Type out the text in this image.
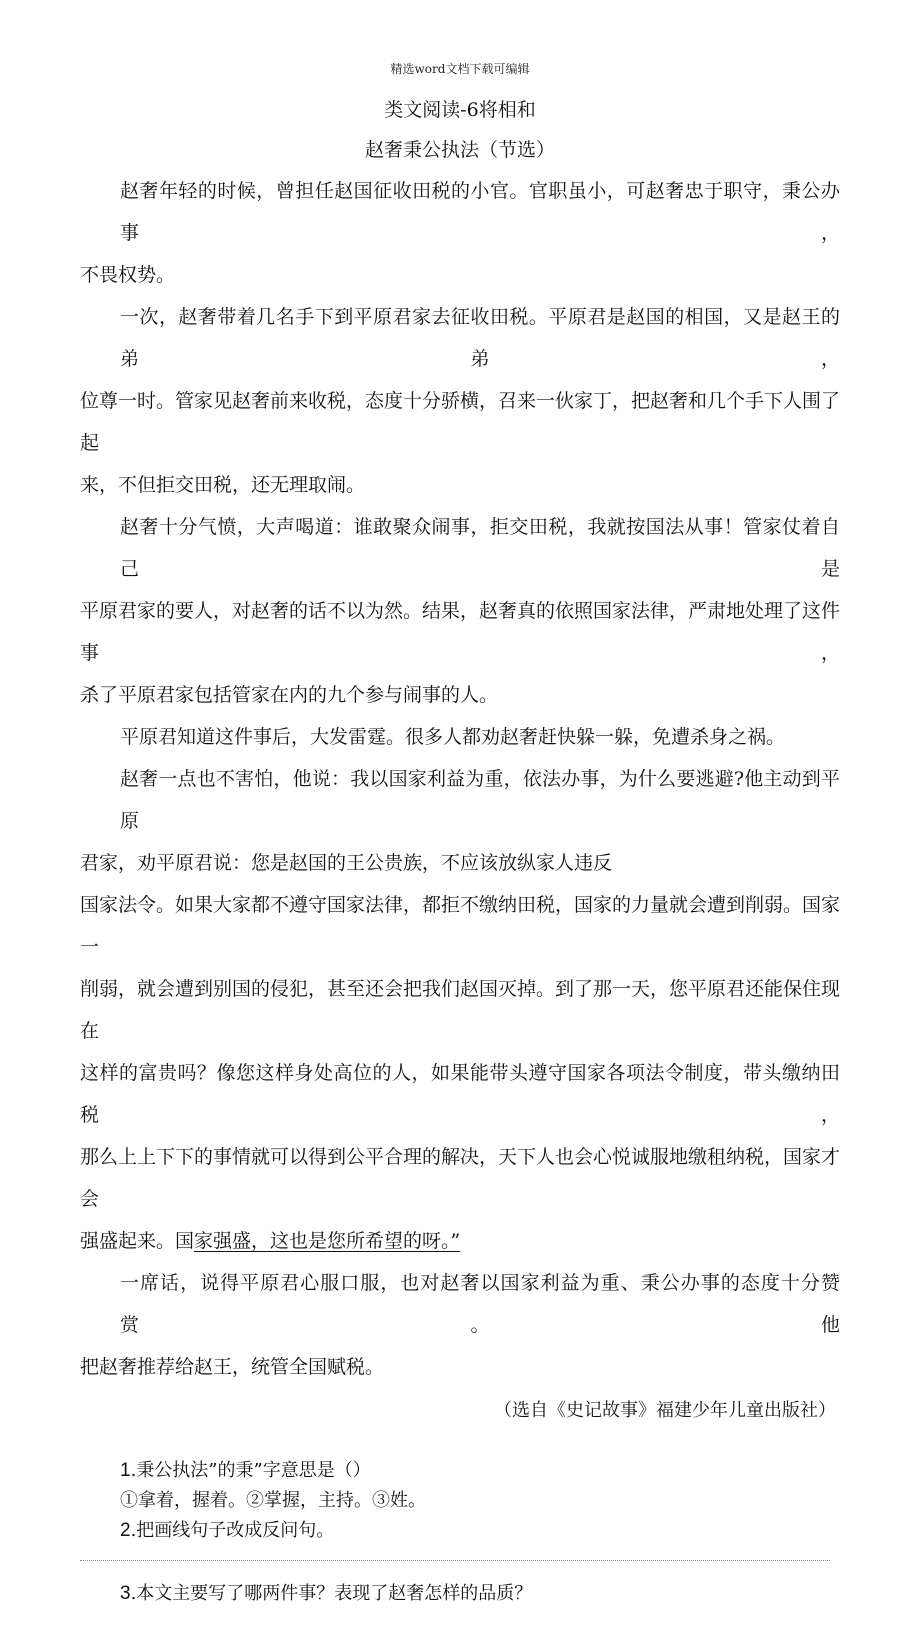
精选word文档下载可编辑
类文阅读-6将相和
赵奢秉公执法（节选）
赵奢年轻的时候，曾担任赵国征收田税的小官。官职虽小，可赵奢忠于职守，秉公办事，
不畏权势。
一次，赵奢带着几名手下到平原君家去征收田税。平原君是赵国的相国，又是赵王的弟弟，
位尊一时。管家见赵奢前来收税，态度十分骄横，召来一伙家丁，把赵奢和几个手下人围了起
来，不但拒交田税，还无理取闹。
赵奢十分气愤，大声喝道：谁敢聚众闹事，拒交田税，我就按国法从事！管家仗着自己是
平原君家的要人，对赵奢的话不以为然。结果，赵奢真的依照国家法律，严肃地处理了这件事，
杀了平原君家包括管家在内的九个参与闹事的人。
平原君知道这件事后，大发雷霆。很多人都劝赵奢赶快躲一躲，免遭杀身之祸。
赵奢一点也不害怕，他说：我以国家利益为重，依法办事，为什么要逃避?他主动到平原
君家，劝平原君说：您是赵国的王公贵族，不应该放纵家人违反
国家法令。如果大家都不遵守国家法律，都拒不缴纳田税，国家的力量就会遭到削弱。国家一
削弱，就会遭到别国的侵犯，甚至还会把我们赵国灭掉。到了那一天，您平原君还能保住现在
这样的富贵吗？像您这样身处高位的人，如果能带头遵守国家各项法令制度，带头缴纳田税，
那么上上下下的事情就可以得到公平合理的解决，天下人也会心悦诚服地缴租纳税，国家才会
强盛起来。国家强盛，这也是您所希望的呀。”
一席话，说得平原君心服口服，也对赵奢以国家利益为重、秉公办事的态度十分赞赏。他
把赵奢推荐给赵王，统管全国赋税。
（选自《史记故事》福建少年儿童出版社）
1.秉公执法”的秉”字意思是（）
①拿着，握着。②掌握，主持。③姓。
2.把画线句子改成反问句。
3.本文主要写了哪两件事？表现了赵奢怎样的品质？
